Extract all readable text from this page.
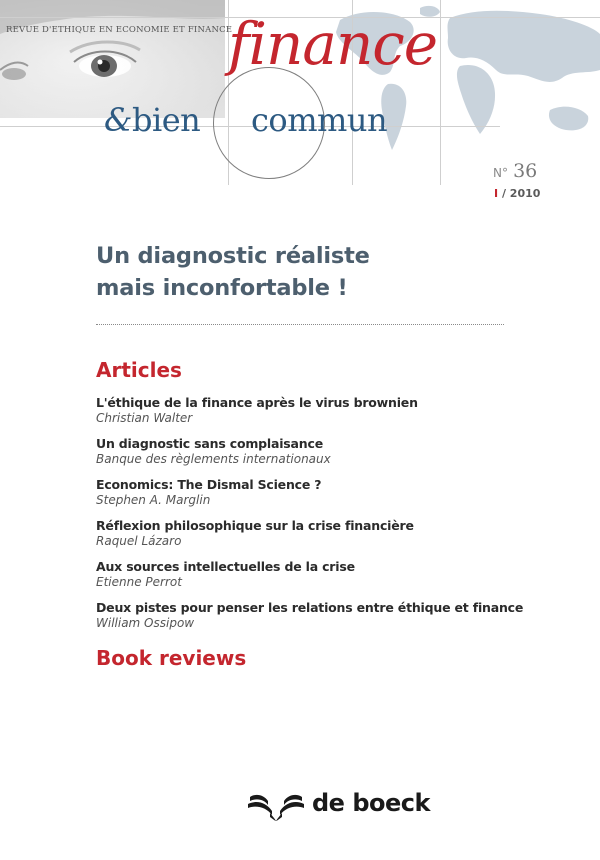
REVUE D'ETHIQUE EN ECONOMIE ET FINANCE
finance
&bien commun
N° 36
I / 2010
Un diagnostic réaliste
mais inconfortable !
Articles
L'éthique de la finance après le virus brownien
Christian Walter
Un diagnostic sans complaisance
Banque des règlements internationaux
Economics: The Dismal Science ?
Stephen A. Marglin
Réflexion philosophique sur la crise financière
Raquel Lázaro
Aux sources intellectuelles de la crise
Etienne Perrot
Deux pistes pour penser les relations entre éthique et finance
William Ossipow
Book reviews
de boeck
